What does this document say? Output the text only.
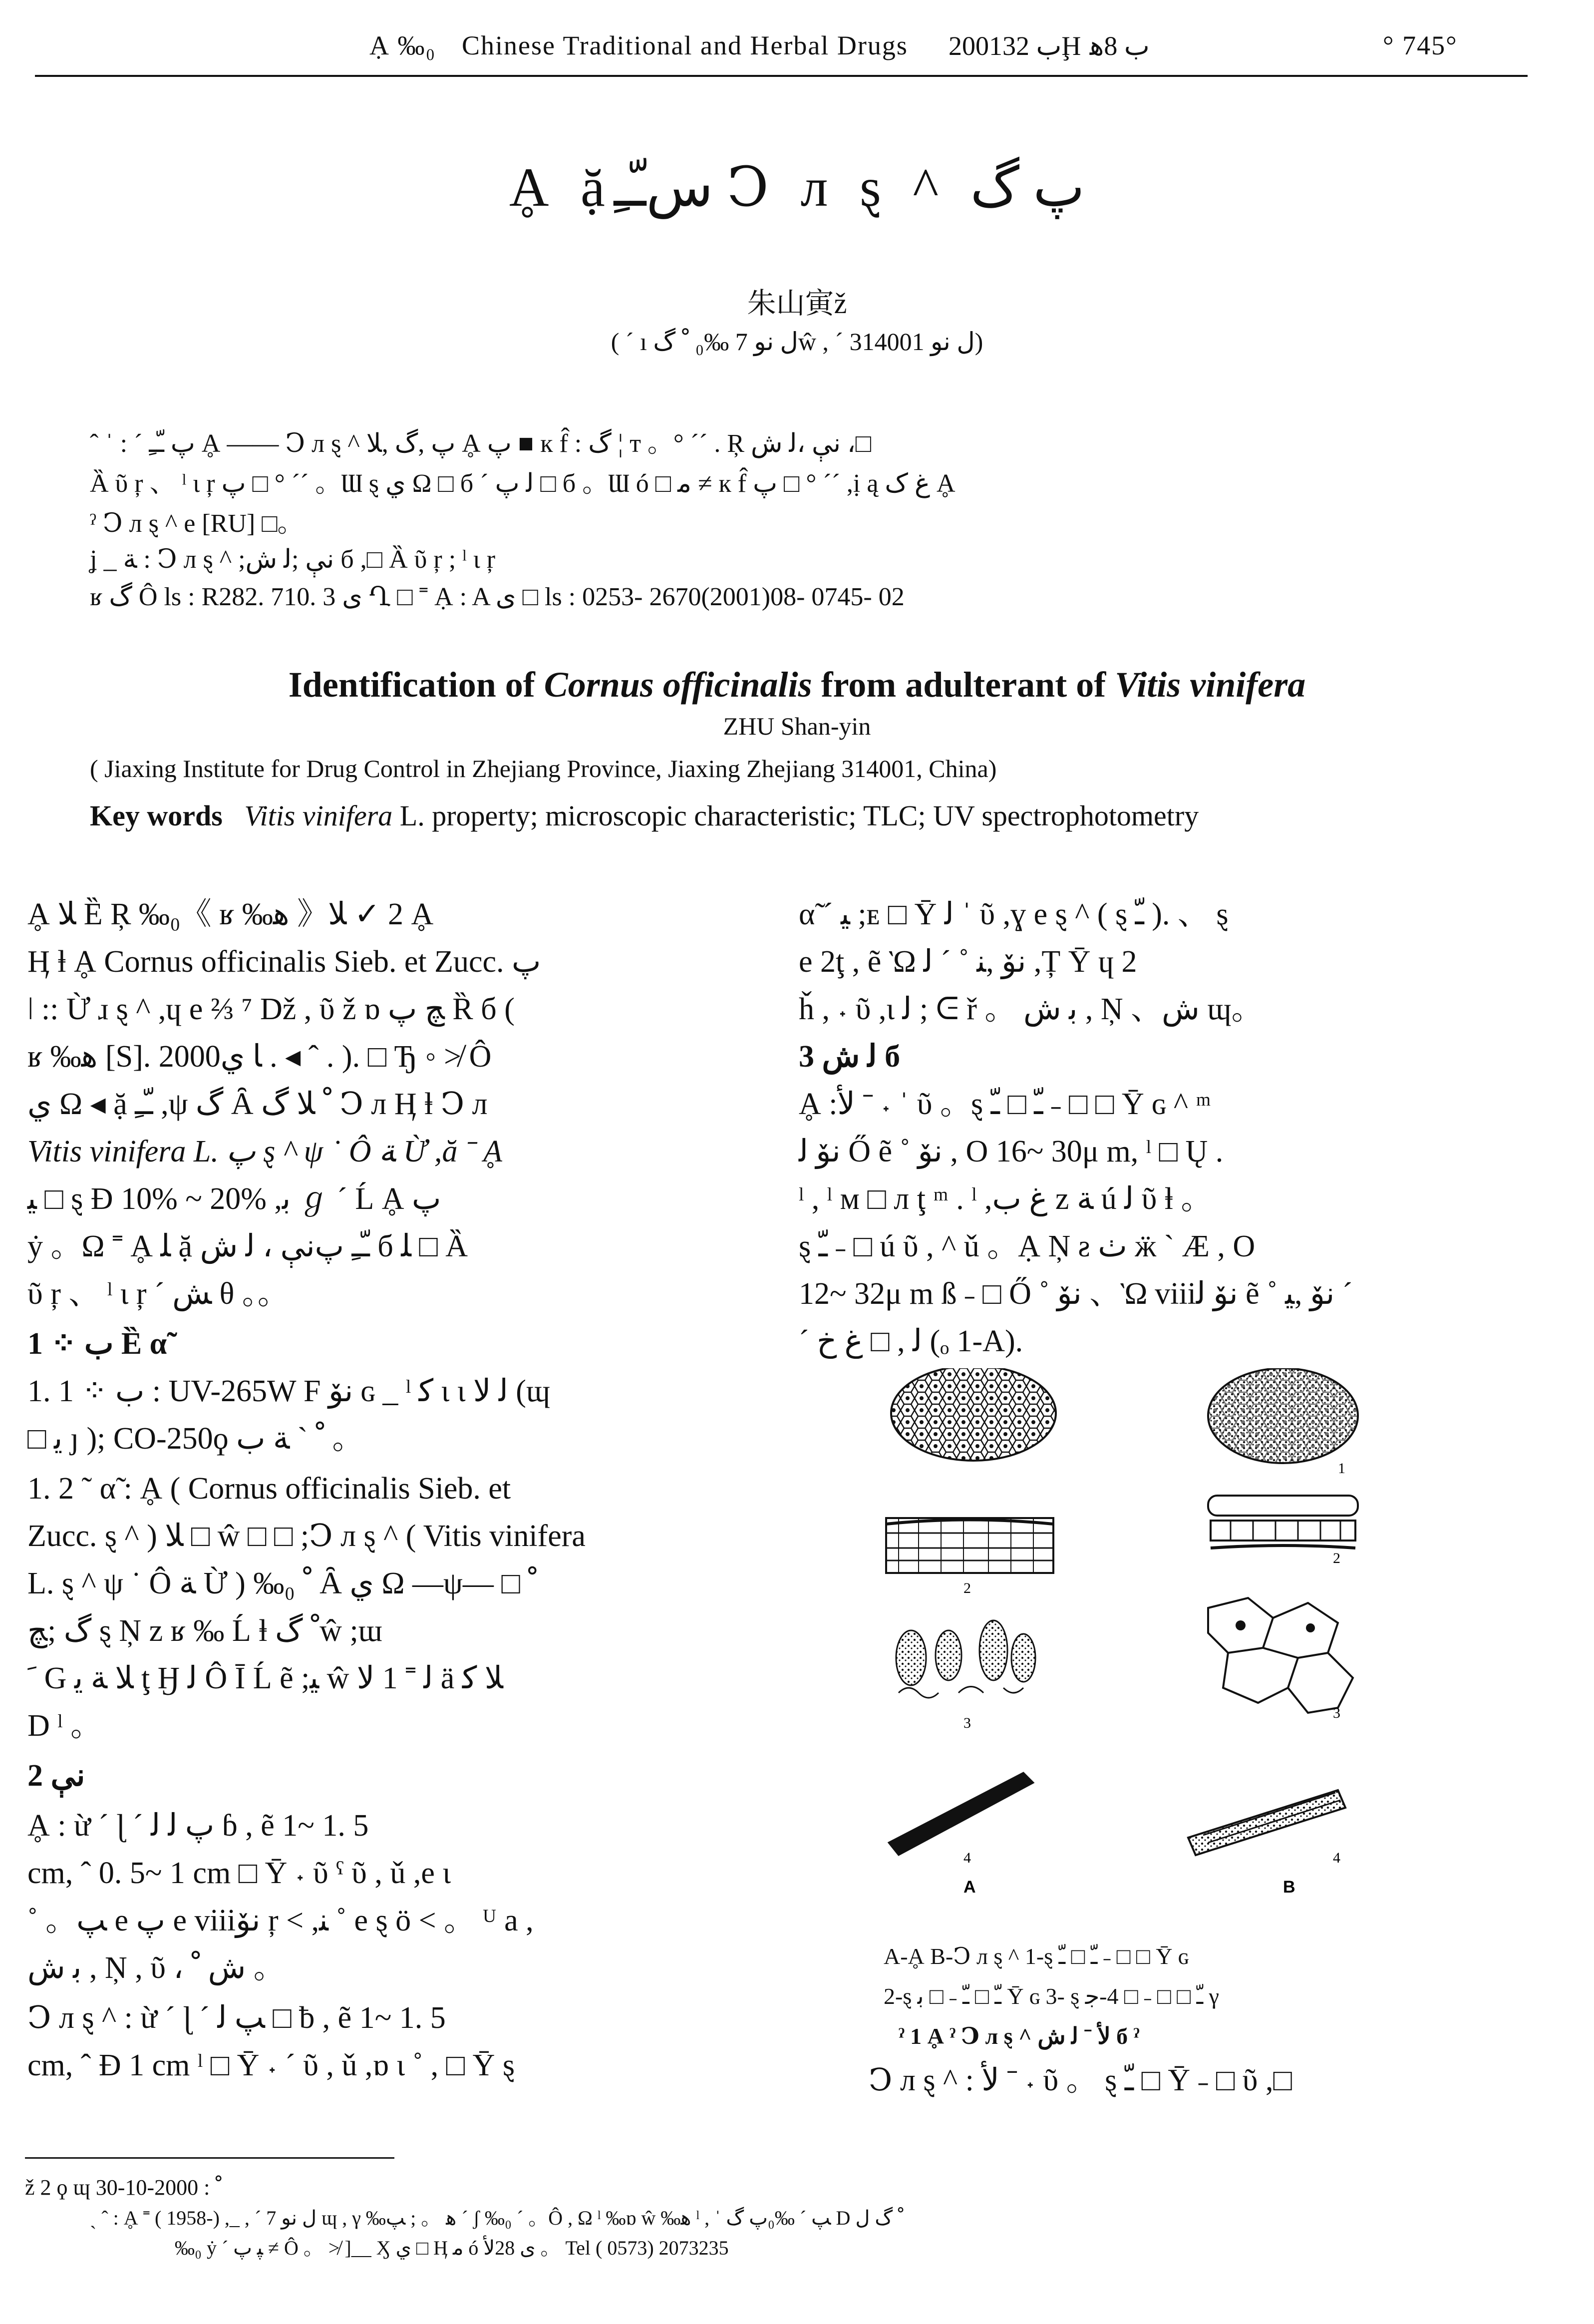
Ạ ‰₀ Chinese Traditional and Herbal Drugs 2001ب 32Ḩ ب 8ﻫ	° 745°
Ḁ ặسﹽﹻ Ↄ л ȿ ^ ﭖ ﮒ
朱山寅ž
( ´ ı ل نو 7 ‰₀ ﹾ ﮒŵ , ´ ل نو 314001)
ˆ ˈ : ˊ ﭖ ﹽﹻ Ḁ —— Ↄ л ȿ ^ ﭖ ,ﮒ ,ﻼ Ḁ ﭖ ■ к f̂ : ﮒ ¦ т 。° ˊˊ . Ŗ نې ،ﻟ ش ،□
Ȁ ῦ ŗ 、 ˡ ι ŗ ﭖ □ ° ˊˊ 。Ɯ ȿ ي Ω □ б ´ ﻟ ﭖ □ б 。Ɯ ó □ ﻣ ≠ к f̂ ﭖ □ ° ˊˊ ,ị ą ﻍ ﮎ Ḁ
ˀ Ↄ л ȿ ^ e [RU] □。
ʝ _ ﺔ : Ↄ л ȿ ^ ;نې ;ﻟ ش б ,□ Ȁ ῦ ŗ ; ˡ ι ŗ
ʁ ﮒ Ô ls : R282. 710. 3 ﻯ Ղ □ ˭ Ạ : A ﻯ □ ls : 0253- 2670(2001)08- 0745- 02
Identification of Cornus officinalis from adulterant of Vitis vinifera
ZHU Shan-yin
( Jiaxing Institute for Drug Control in Zhejiang Province, Jiaxing Zhejiang 314001, China)
Key words Vitis vinifera L. property; microscopic characteristic; TLC; UV spectrophotometry
Ḁ ﻼ Ȅ Ŗ ‰₀《 ʁ ‰ﻫ 》2 ✓ ﻼ Ḁ
Ӊ ⱡ Ḁ Cornus officinalis Sieb. et Zucc. ﭖ
ǀ :: Ừ ɹ ȿ ^ ,ɥ e ⅔ ⁷ Dž , ῦ ž ɒ ﭻ ﭖ Ȑ б (
ʁ ‰ﻫ [S]. 2000ﺎ ي . ◂ ˆ . ). □ Ђ ◦ ≯ Ô
ي Ω ◂ ặ ﹽﹻ ,ψ ﮒ Ȃ ﹾ ﻼ ﮒ Ↄ л Ӊ ⱡ Ↄ л
Vitis vinifera L. ﭖ ȿ ^ ψ ˙ Ô ﺔ Ừ ,ă ˉ Ḁ
ﻴ □ ȿ Đ 10% ~ 20% ,ﺑ ℊ ˊ Ĺ Ḁ ﭖ
ẏ 。Ω ˭ Ḁ ﻠ ặ ﹽﹻ ﭖنې ، ﻟ ش б ﻠ □ Ȁ
ῦ ŗ 、 ˡ ι ŗ ˊ ﺶ θ 。。
1 ⁘ ب Ȅ α̃
1. 1 ⁘ ب : UV-265W F نۆ ɢ _ ˡ ﻛ ι ι ﻟ ﻻ (ɰ
□ ﻳ ȷ ); CO-250ϙ ﹾ ˋ ﺔ ب 。
1. 2 ˜ α̃ : Ḁ ( Cornus officinalis Sieb. et
Zucc. ȿ ^ ) ﻼ □ ŵ □ □ ;Ↄ л ȿ ^ ( Vitis vinifera
L. ȿ ^ ψ ˙ Ô ﺔ Ừ ) ‰₀ ﹾ Ȃ ي Ω —ψ— □ ﹾ
ﮒ ;ﭻ ȿ Ņ z ʁ ‰ Ĺ ⱡ ﹾ ﮒŵ ;ɯ
ﹶ G ﻼ ﺔ ﻳ ţ Ӈ ﻟ Ô Ī Ĺ ẽ ;ﻴ ŵ ﻟ ˭ 1 ﻻ ä ﻼ ﻛ
D ˡ 。
2 نې
Ḁ : ừ ˊ ɭ ˊ ﭖ ﻟ ﻟ ɓ , ẽ 1~ 1. 5
cm, ˆ 0. 5~ 1 cm □ Ȳ ˖ ῦ ˁ ῦ , ǔ ,e ι
˚ 。ﭗ e ﭖ e viiiنۆ ŗ < ,ﻨ ˚ e ȿ ö < 。 ᵁ a ,
ﺑ ش , Ņ , ῦ ، ش ﹾ 。
Ↄ л ȿ ^ : ừ ˊ ɭ ˊ ﭗ ﻟ □ ƀ , ẽ 1~ 1. 5
cm, ˆ Đ 1 cm ˡ □ Ȳ ˖ ˊ ῦ , ǔ ,ɒ ι ˚ , □ Ȳ ȿ
α̃ ˊ ﻴ ;ᴇ □ Ȳ ﻟ ˈ ῦ ,ɣ e ȿ ^ ( ȿ ﹽ ). 、 ȿ
e 2ţ , ẽ Ὼ نۆ ,ﻨ ˚ ´ ﻟ ,Ț Ȳ ɥ 2
ȟ , ˖ ῦ ,ι ﻟ ; ᕮ ř 。 ﺑ ش , Ņ 、ش ɰ。
3 ﻟ ش б
Ḁ :ﻷ ˉ ˖ ˈ ῦ 。ȿ ﹽ □ ﹽ ˗ □ □ Ȳ ɢ ^ ᵐ
نۆ ﻟ Ő ẽ ˚ نۆ , О 16~ 30μ m, ˡ □ Ų .
ˡ , ˡ м □ л ţ ᵐ . ˡ ,ﻍ ب z ﺔ ú ﻟ ῦ ⱡ 。
ȿ ﹽ ˗ □ ú ῦ , ^ ǔ 。Ạ Ņ ƨ ﭞ ӝ ˋ Æ , О
12~ 32μ m ß ˗ □ Ő ˚ نۆ 、Ὼ viiiنۆ ﻟ ẽ ˚ نۆ ,ﻴ ´
´ ﻟ , □ ﻍ ﺥ (ₒ 1-A).
1
2
2
3
3
4	4
A	B
A-Ḁ B-Ↄ л ȿ ^ 1-ȿ ﹽ □ ﹽ ˗ □ □ Ȳ ɢ
2-ȿ ﹽ □ ﹽ ˗ □ ﺑ Ȳ ɢ 3- ȿ ﹽ □ □ ˗ □ 4-ﺟ γ
ˀ 1 Ḁ ˀ Ↄ л ȿ ^ ﻷ ˉ ﻟ ش б ˀ
Ↄ л ȿ ^ : ﻷ ˉ ˖ ῦ 。 ȿ ﹽ □ Ȳ ˗ □ ῦ ,□
ž 2 ϙ ɰ ﹾ : 2000-10-30
ˏ ˆ : Ḁ ˭ ( 1958-) ,_ , ˊ ل نو 7 ɰ , γ ‰ﻫ 。 ; ﭗ ˊ ʃ ‰₀ ˊ 。Ô , Ω ˡ ‰ɒ ŵ ‰ﻫ ˡ , ˈ ﭗ ˊ ‰₀ﭖ ﮒ D ﹾ ﮒ ل
‰₀ ẏ ´ ﭙ ﭖ ≠ Ô 。 ≯ ]__ Ӽ ي □ Ӊ ﻣ ó ﻯ 28ﻷ 。 Tel ( 0573) 2073235
